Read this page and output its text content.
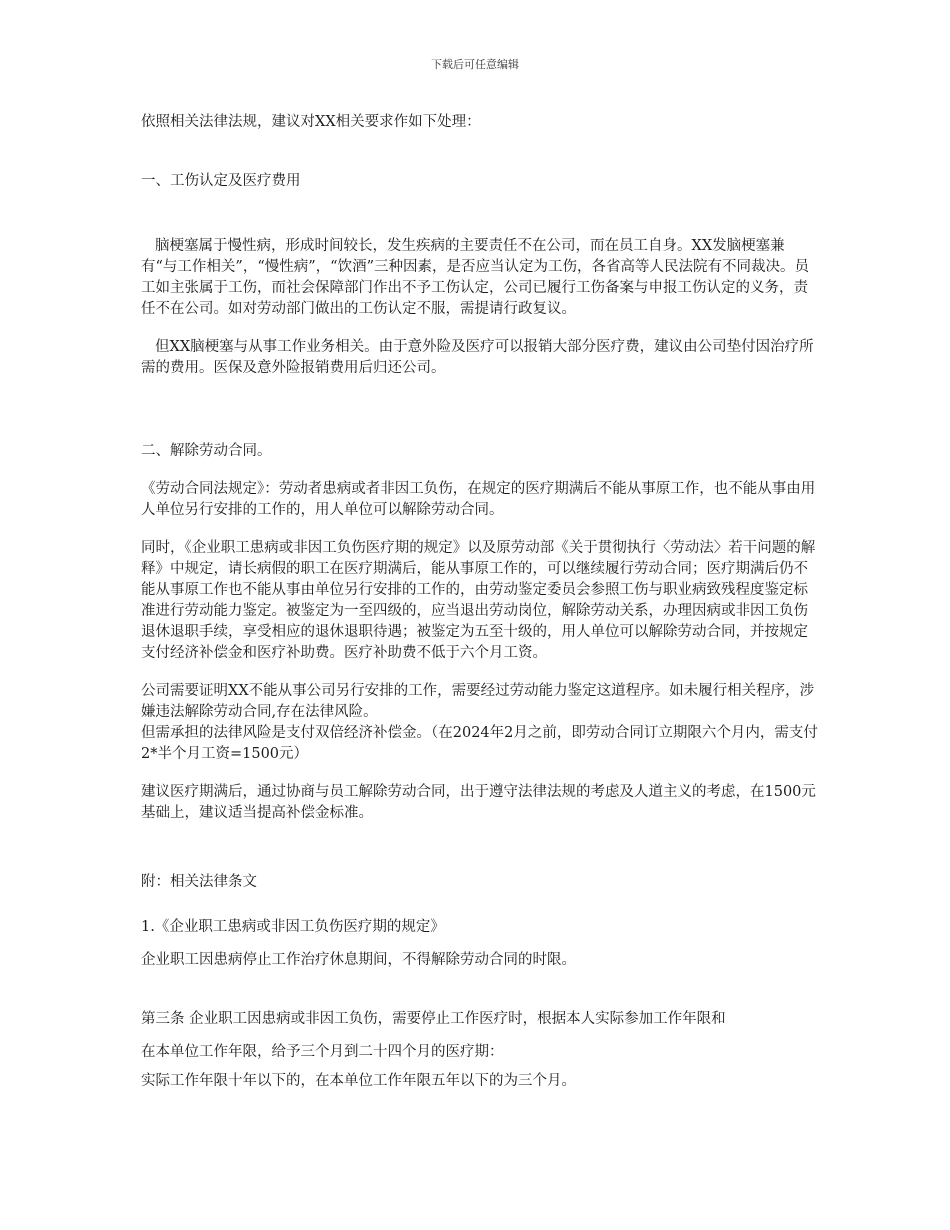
下载后可任意编辑

依照相关法律法规，建议对XX相关要求作如下处理：

一、工伤认定及医疗费用

脑梗塞属于慢性病，形成时间较长，发生疾病的主要责任不在公司，而在员工自身。XX发脑梗塞兼有“与工作相关”，“慢性病”，“饮酒”三种因素，是否应当认定为工伤，各省高等人民法院有不同裁决。员工如主张属于工伤，而社会保障部门作出不予工伤认定，公司已履行工伤备案与申报工伤认定的义务，责任不在公司。如对劳动部门做出的工伤认定不服，需提请行政复议。

但XX脑梗塞与从事工作业务相关。由于意外险及医疗可以报销大部分医疗费，建议由公司垫付因治疗所需的费用。医保及意外险报销费用后归还公司。

二、解除劳动合同。

《劳动合同法规定》：劳动者患病或者非因工负伤，在规定的医疗期满后不能从事原工作，也不能从事由用人单位另行安排的工作的，用人单位可以解除劳动合同。

同时，《企业职工患病或非因工负伤医疗期的规定》以及原劳动部《关于贯彻执行〈劳动法〉若干问题的解释》中规定，请长病假的职工在医疗期满后，能从事原工作的，可以继续履行劳动合同；医疗期满后仍不能从事原工作也不能从事由单位另行安排的工作的，由劳动鉴定委员会参照工伤与职业病致残程度鉴定标准进行劳动能力鉴定。被鉴定为一至四级的，应当退出劳动岗位，解除劳动关系，办理因病或非因工负伤退休退职手续，享受相应的退休退职待遇；被鉴定为五至十级的，用人单位可以解除劳动合同，并按规定支付经济补偿金和医疗补助费。医疗补助费不低于六个月工资。

公司需要证明XX不能从事公司另行安排的工作，需要经过劳动能力鉴定这道程序。如未履行相关程序，涉嫌违法解除劳动合同,存在法律风险。

但需承担的法律风险是支付双倍经济补偿金。（在2024年2月之前，即劳动合同订立期限六个月内，需支付2*半个月工资=1500元）

建议医疗期满后，通过协商与员工解除劳动合同，出于遵守法律法规的考虑及人道主义的考虑，在1500元基础上，建议适当提高补偿金标准。

附：相关法律条文

1.《企业职工患病或非因工负伤医疗期的规定》

企业职工因患病停止工作治疗休息期间，不得解除劳动合同的时限。

第三条 企业职工因患病或非因工负伤，需要停止工作医疗时，根据本人实际参加工作年限和

在本单位工作年限，给予三个月到二十四个月的医疗期：

实际工作年限十年以下的，在本单位工作年限五年以下的为三个月。
